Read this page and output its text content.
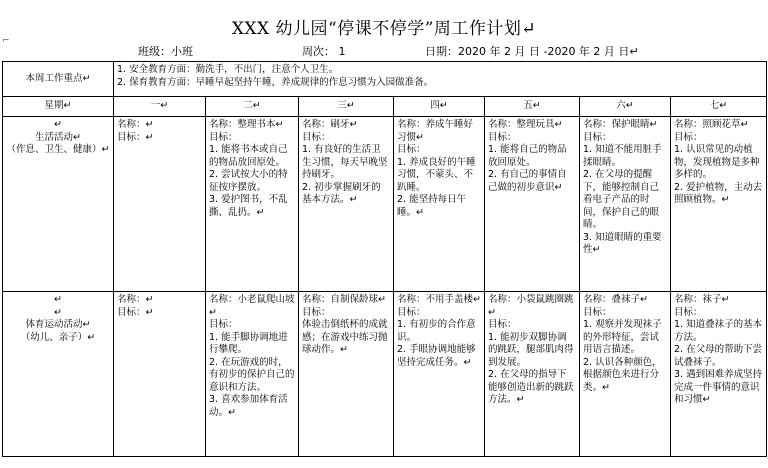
⌐
XXX 幼儿园“停课不停学”周工作计划↵
班级：小班	周次： 1	日期：2020 年 2 月 日 -2020 年 2 月 日↵
本周工作重点↵	1. 安全教育方面：勤洗手，不出门，注意个人卫生。
2. 保育教育方面：早睡早起坚持午睡，养成规律的作息习惯为入园做准备。						

星期↵	一↵	二↵	三↵	四↵	五↵	六↵	七↵

↵
生活活动↵
（作息、卫生、健康）↵	名称：↵
目标：↵	名称：整理书本↵
目标：
1. 能将书本或自己的物品放回原处。
2. 尝试按大小的特征按序摆放。
3. 爱护图书，不乱撕、乱扔。↵	名称：刷牙↵
目标：
1. 有良好的生活卫生习惯，每天早晚坚持刷牙。
2. 初步掌握刷牙的基本方法。↵	名称：养成午睡好习惯↵
目标：
1. 养成良好的午睡习惯，不蒙头、不趴睡。
2. 能坚持每日午睡。↵	名称：整理玩具↵
目标：
1. 能将自己的物品放回原处。
2. 有自己的事情自己做的初步意识↵	名称：保护眼睛↵
目标：
1. 知道不能用脏手揉眼睛。
2. 在父母的提醒下，能够控制自己看电子产品的时间，保护自己的眼睛。
3. 知道眼睛的重要性↵	名称：照顾花草↵
目标：
1. 认识常见的动植物，发现植物是多种多样的。
2. 爱护植物，主动去照顾植物。↵

↵
↵
体育运动活动↵
（幼儿、亲子）↵	名称：↵
目标：↵	名称：小老鼠爬山坡↵
目标：
1. 能手脚协调地进行攀爬。
2. 在玩游戏的时，有初步的保护自己的意识和方法。
3. 喜欢参加体育活动。↵	名称：自制保龄球↵
目标：
体验击倒纸杯的成就感；在游戏中练习抛球动作。↵	名称：不用手盖楼↵
目标：
1. 有初步的合作意识。
2. 手眼协调地能够坚持完成任务。↵	名称：小袋鼠跳圈跳↵
目标：
1. 能初步双脚协调的跳跃，腿部肌肉得到发展。
2. 在父母的指导下能够创造出新的跳跃方法。↵	名称：叠袜子↵
目标：
1. 观察并发现袜子的外形特征，尝试用语言描述。
2. 认识各种颜色，根据颜色来进行分类。↵	名称：袜子↵
目标：
1. 知道叠袜子的基本方法。
2. 在父母的帮助下尝试叠袜子。
3. 遇到困难养成坚持完成一件事情的意识和习惯↵
